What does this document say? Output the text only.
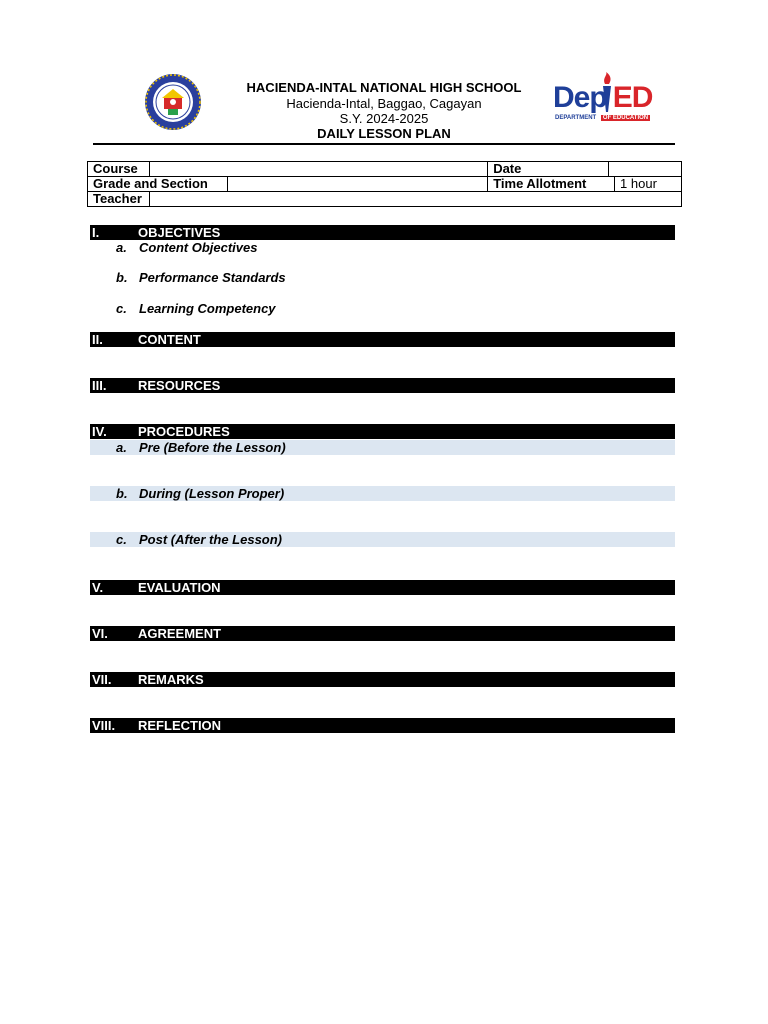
HACIENDA-INTAL NATIONAL HIGH SCHOOL
Hacienda-Intal, Baggao, Cagayan
S.Y. 2024-2025
DAILY LESSON PLAN
Dep ED
DEPARTMENT OF EDUCATION
Course			Date		
Grade and Section			Time Allotment		1 hour
Teacher					
I.	OBJECTIVES
a. Content Objectives
b. Performance Standards
c. Learning Competency
II.	CONTENT
III. RESOURCES
IV. PROCEDURES
a. Pre (Before the Lesson)
b. During (Lesson Proper)
c. Post (After the Lesson)
V.	EVALUATION
VI. AGREEMENT
VII. REMARKS
VIII. REFLECTION
